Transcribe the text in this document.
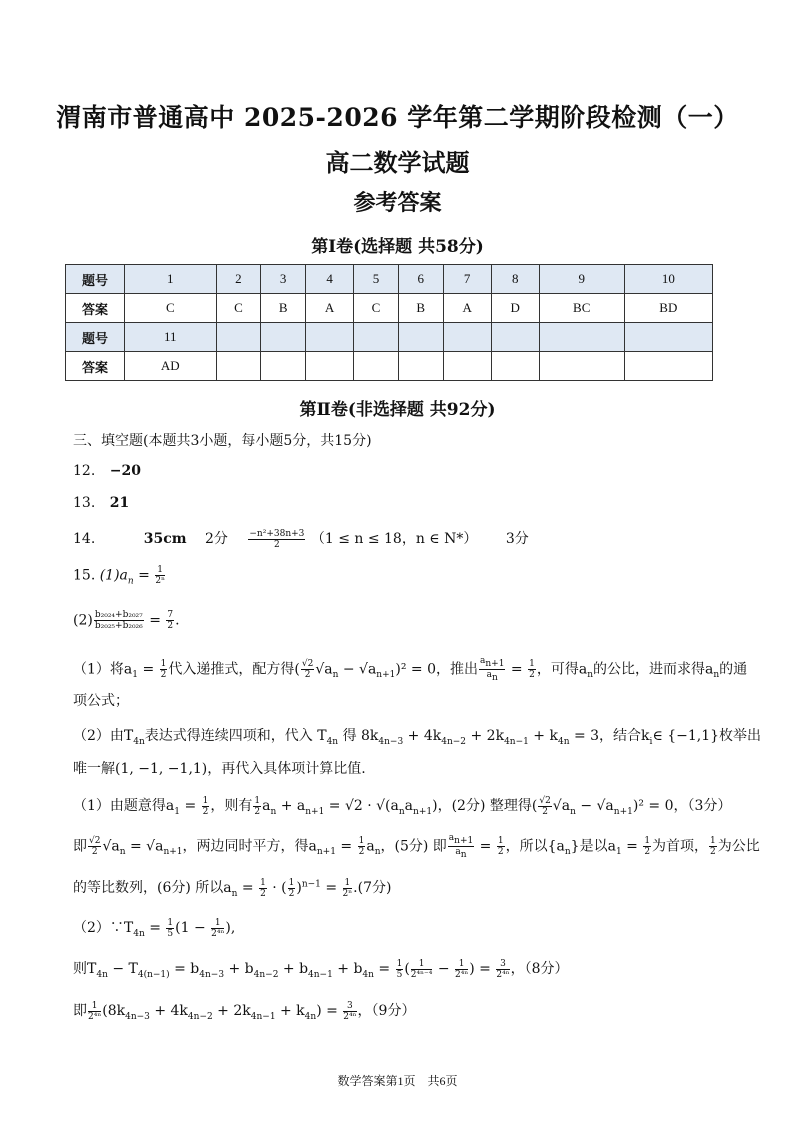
渭南市普通高中 2025-2026 学年第二学期阶段检测（一）
高二数学试题
参考答案
第Ⅰ卷(选择题 共58分)
题号	1	2	3	4	5	6	7	8	9	10
答案	C	C	B	A	C	B	A	D	BC	BD
题号	11									
答案	AD									
第Ⅱ卷(非选择题 共92分)
三、填空题(本题共3小题，每小题5分，共15分)
12. −20
13. 21
14.	35cm 2分 $\frac{\text{−n²+38n+3}}{2} (1 \le n \le 18$，n ∈ N*） 3分
15. $(1)a_n = \frac{1}{\text{2ⁿ}}$
$(2) \frac{\text{b₂₀₂₄+b₂₀₂₇}}{\text{b₂₀₂₅+b₂₀₂₆}} = \frac{7}{2}$ .
（1）将$a_1 = \frac{1}{2}$ 代入递推式，配方得( $\frac{√2}{2} √a_n - √a_{n+1})^2 = 0$，推出 $\frac{a_{n+1}}{a_n} = \frac{1}{2}$ ，可得$a_n$的公比，进而求得$a_n$的通
项公式；
（2）由$T_{4n}$表达式得连续四项和，代入 $T_{4n}$ 得 $8k_{4n-3} + 4k_{4n-2} + 2k_{4n-1} + k_{4n} = 3$，结合$k_i\in$ {−1,1}枚举出
唯一解(1, −1, −1,1)，再代入具体项计算比值.
（1）由题意得$a_1 = \frac{1}{2}$ ，则有 $\frac{1}{2} a_n + a_{n+1} = √2 \cdot √(a_na_{n+1})$，(2分) 整理得( $\frac{√2}{2} √a_n - √a_{n+1})^2 = 0$，（3分）
即 $\frac{√2}{2} √a_n = √a_{n+1}$，两边同时平方，得$a_{n+1} = \frac{1}{2} a_n$，(5分) 即 $\frac{a_{n+1}}{a_n} = \frac{1}{2}$ ，所以$\{a_n\}$是以$a_1 = \frac{1}{2}$ 为首项， $\frac{1}{2}$ 为公比
的等比数列，(6分) 所以$a_n = \frac{1}{2}$ · ( $\frac{1}{2} )^{n-1} = \frac{1}{\text{2ⁿ}} .(7$分)
$(2)\because T_{4n} = \frac{1}{5} (1 - \frac{1}{\text{2⁴ⁿ}}$ ),
则$T_{4n} - T_{4(n-1)} = b_{4n-3} + b_{4n-2} + b_{4n-1} + b_{4n} = \frac{1}{5}$ ( $\frac{1}{\text{2⁴ⁿ⁻⁴}} - \frac{1}{\text{2⁴ⁿ}}$ ) = $\frac{3}{\text{2⁴ⁿ}}$ ，（8分）
即 $\frac{1}{\text{2⁴ⁿ}} (8k_{4n-3} + 4k_{4n-2} + 2k_{4n-1} + k_{4n}) = \frac{3}{\text{2⁴ⁿ}}$ ，（9分）
数学答案第1页　共6页
